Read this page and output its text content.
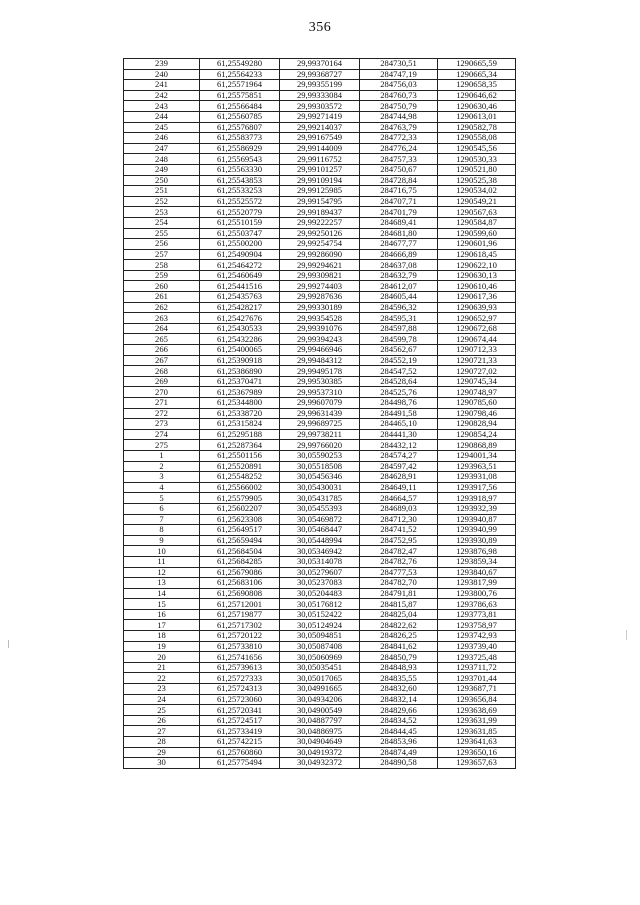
356
239	61,25549280	29,99370164	284730,51	1290665,59
240	61,25564233	29,99368727	284747,19	1290665,34
241	61,25571964	29,99355199	284756,03	1290658,35
242	61,25575851	29,99333084	284760,73	1290646,62
243	61,25566484	29,99303572	284750,79	1290630,46
244	61,25560785	29,99271419	284744,98	1290613,01
245	61,25576807	29,99214037	284763,79	1290582,78
246	61,25583773	29,99167549	284772,33	1290558,08
247	61,25586929	29,99144009	284776,24	1290545,56
248	61,25569543	29,99116752	284757,33	1290530,33
249	61,25563330	29,99101257	284750,67	1290521,80
250	61,25543853	29,99109194	284728,84	1290525,38
251	61,25533253	29,99125985	284716,75	1290534,02
252	61,25525572	29,99154795	284707,71	1290549,21
253	61,25520779	29,99189437	284701,79	1290567,63
254	61,25510159	29,99222257	284689,41	1290584,87
255	61,25503747	29,99250126	284681,80	1290599,60
256	61,25500200	29,99254754	284677,77	1290601,96
257	61,25490904	29,99286090	284666,89	1290618,45
258	61,25464272	29,99294621	284637,08	1290622,10
259	61,25460649	29,99309821	284632,79	1290630,13
260	61,25441516	29,99274403	284612,07	1290610,46
261	61,25435763	29,99287636	284605,44	1290617,36
262	61,25428217	29,99330189	284596,32	1290639,93
263	61,25427676	29,99354528	284595,31	1290652,97
264	61,25430533	29,99391076	284597,88	1290672,68
265	61,25432286	29,99394243	284599,78	1290674,44
266	61,25400065	29,99466946	284562,67	1290712,33
267	61,25390918	29,99484312	284552,19	1290721,33
268	61,25386890	29,99495178	284547,52	1290727,02
269	61,25370471	29,99530385	284528,64	1290745,34
270	61,25367989	29,99537310	284525,76	1290748,97
271	61,25344800	29,99607079	284498,76	1290785,60
272	61,25338720	29,99631439	284491,58	1290798,46
273	61,25315824	29,99689725	284465,10	1290828,94
274	61,25295188	29,99738211	284441,30	1290854,24
275	61,25287364	29,99766020	284432,12	1290868,89
1	61,25501156	30,05590253	284574,27	1294001,34
2	61,25520891	30,05518508	284597,42	1293963,51
3	61,25548252	30,05456346	284628,91	1293931,08
4	61,25566002	30,05430031	284649,11	1293917,56
5	61,25579905	30,05431785	284664,57	1293918,97
6	61,25602207	30,05455393	284689,03	1293932,39
7	61,25623308	30,05469872	284712,30	1293940,87
8	61,25649517	30,05468447	284741,52	1293940,99
9	61,25659494	30,05448994	284752,95	1293930,89
10	61,25684504	30,05346942	284782,47	1293876,98
11	61,25684285	30,05314078	284782,76	1293859,34
12	61,25679086	30,05279607	284777,53	1293840,67
13	61,25683106	30,05237083	284782,70	1293817,99
14	61,25690808	30,05204483	284791,81	1293800,76
15	61,25712001	30,05176812	284815,87	1293786,63
16	61,25719877	30,05152422	284825,04	1293773,81
17	61,25717302	30,05124924	284822,62	1293758,97
18	61,25720122	30,05094851	284826,25	1293742,93
19	61,25733810	30,05087408	284841,62	1293739,40
20	61,25741656	30,05060969	284850,79	1293725,48
21	61,25739613	30,05035451	284848,93	1293711,72
22	61,25727333	30,05017065	284835,55	1293701,44
23	61,25724313	30,04991665	284832,60	1293687,71
24	61,25723060	30,04934206	284832,14	1293656,84
25	61,25720341	30,04900549	284829,66	1293638,69
26	61,25724517	30,04887797	284834,52	1293631,99
27	61,25733419	30,04886975	284844,45	1293631,85
28	61,25742215	30,04904649	284853,96	1293641,63
29	61,25760860	30,04919372	284874,49	1293650,16
30	61,25775494	30,04932372	284890,58	1293657,63
